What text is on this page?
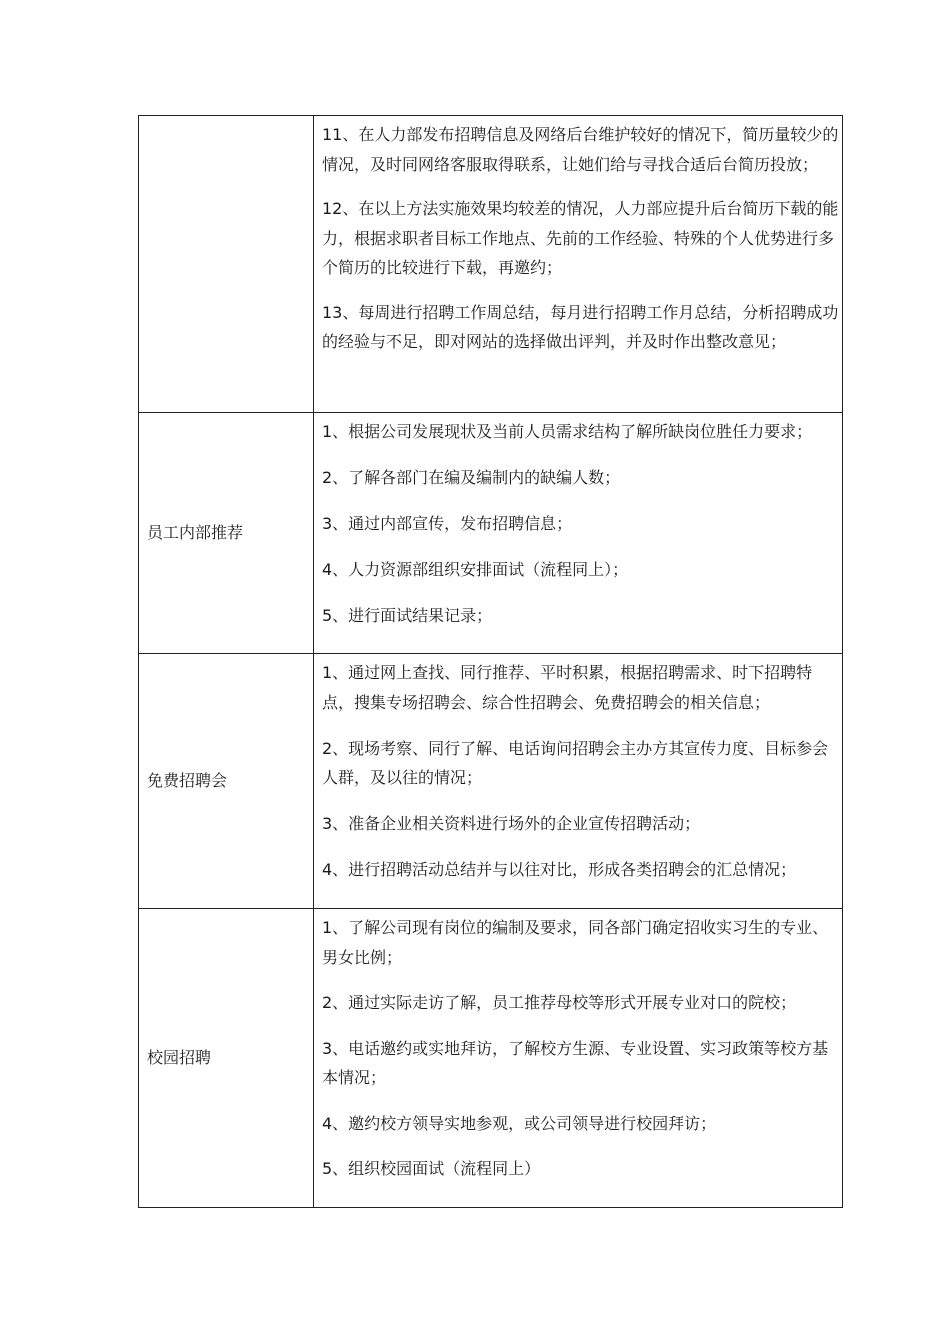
	11、在人力部发布招聘信息及网络后台维护较好的情况下，简历量较少的情况，及时同网络客服取得联系，让她们给与寻找合适后台简历投放；

12、在以上方法实施效果均较差的情况，人力部应提升后台简历下载的能力，根据求职者目标工作地点、先前的工作经验、特殊的个人优势进行多个简历的比较进行下载，再邀约；

13、每周进行招聘工作周总结，每月进行招聘工作月总结，分析招聘成功的经验与不足，即对网站的选择做出评判，并及时作出整改意见；

员工内部推荐	1、根据公司发展现状及当前人员需求结构了解所缺岗位胜任力要求；

2、了解各部门在编及编制内的缺编人数；

3、通过内部宣传，发布招聘信息；

4、人力资源部组织安排面试（流程同上）；

5、进行面试结果记录；

免费招聘会	1、通过网上查找、同行推荐、平时积累，根据招聘需求、时下招聘特点，搜集专场招聘会、综合性招聘会、免费招聘会的相关信息；

2、现场考察、同行了解、电话询问招聘会主办方其宣传力度、目标参会人群，及以往的情况；

3、准备企业相关资料进行场外的企业宣传招聘活动；

4、进行招聘活动总结并与以往对比，形成各类招聘会的汇总情况；

校园招聘	1、了解公司现有岗位的编制及要求，同各部门确定招收实习生的专业、男女比例；

2、通过实际走访了解，员工推荐母校等形式开展专业对口的院校；

3、电话邀约或实地拜访，了解校方生源、专业设置、实习政策等校方基本情况；

4、邀约校方领导实地参观，或公司领导进行校园拜访；

5、组织校园面试（流程同上）
